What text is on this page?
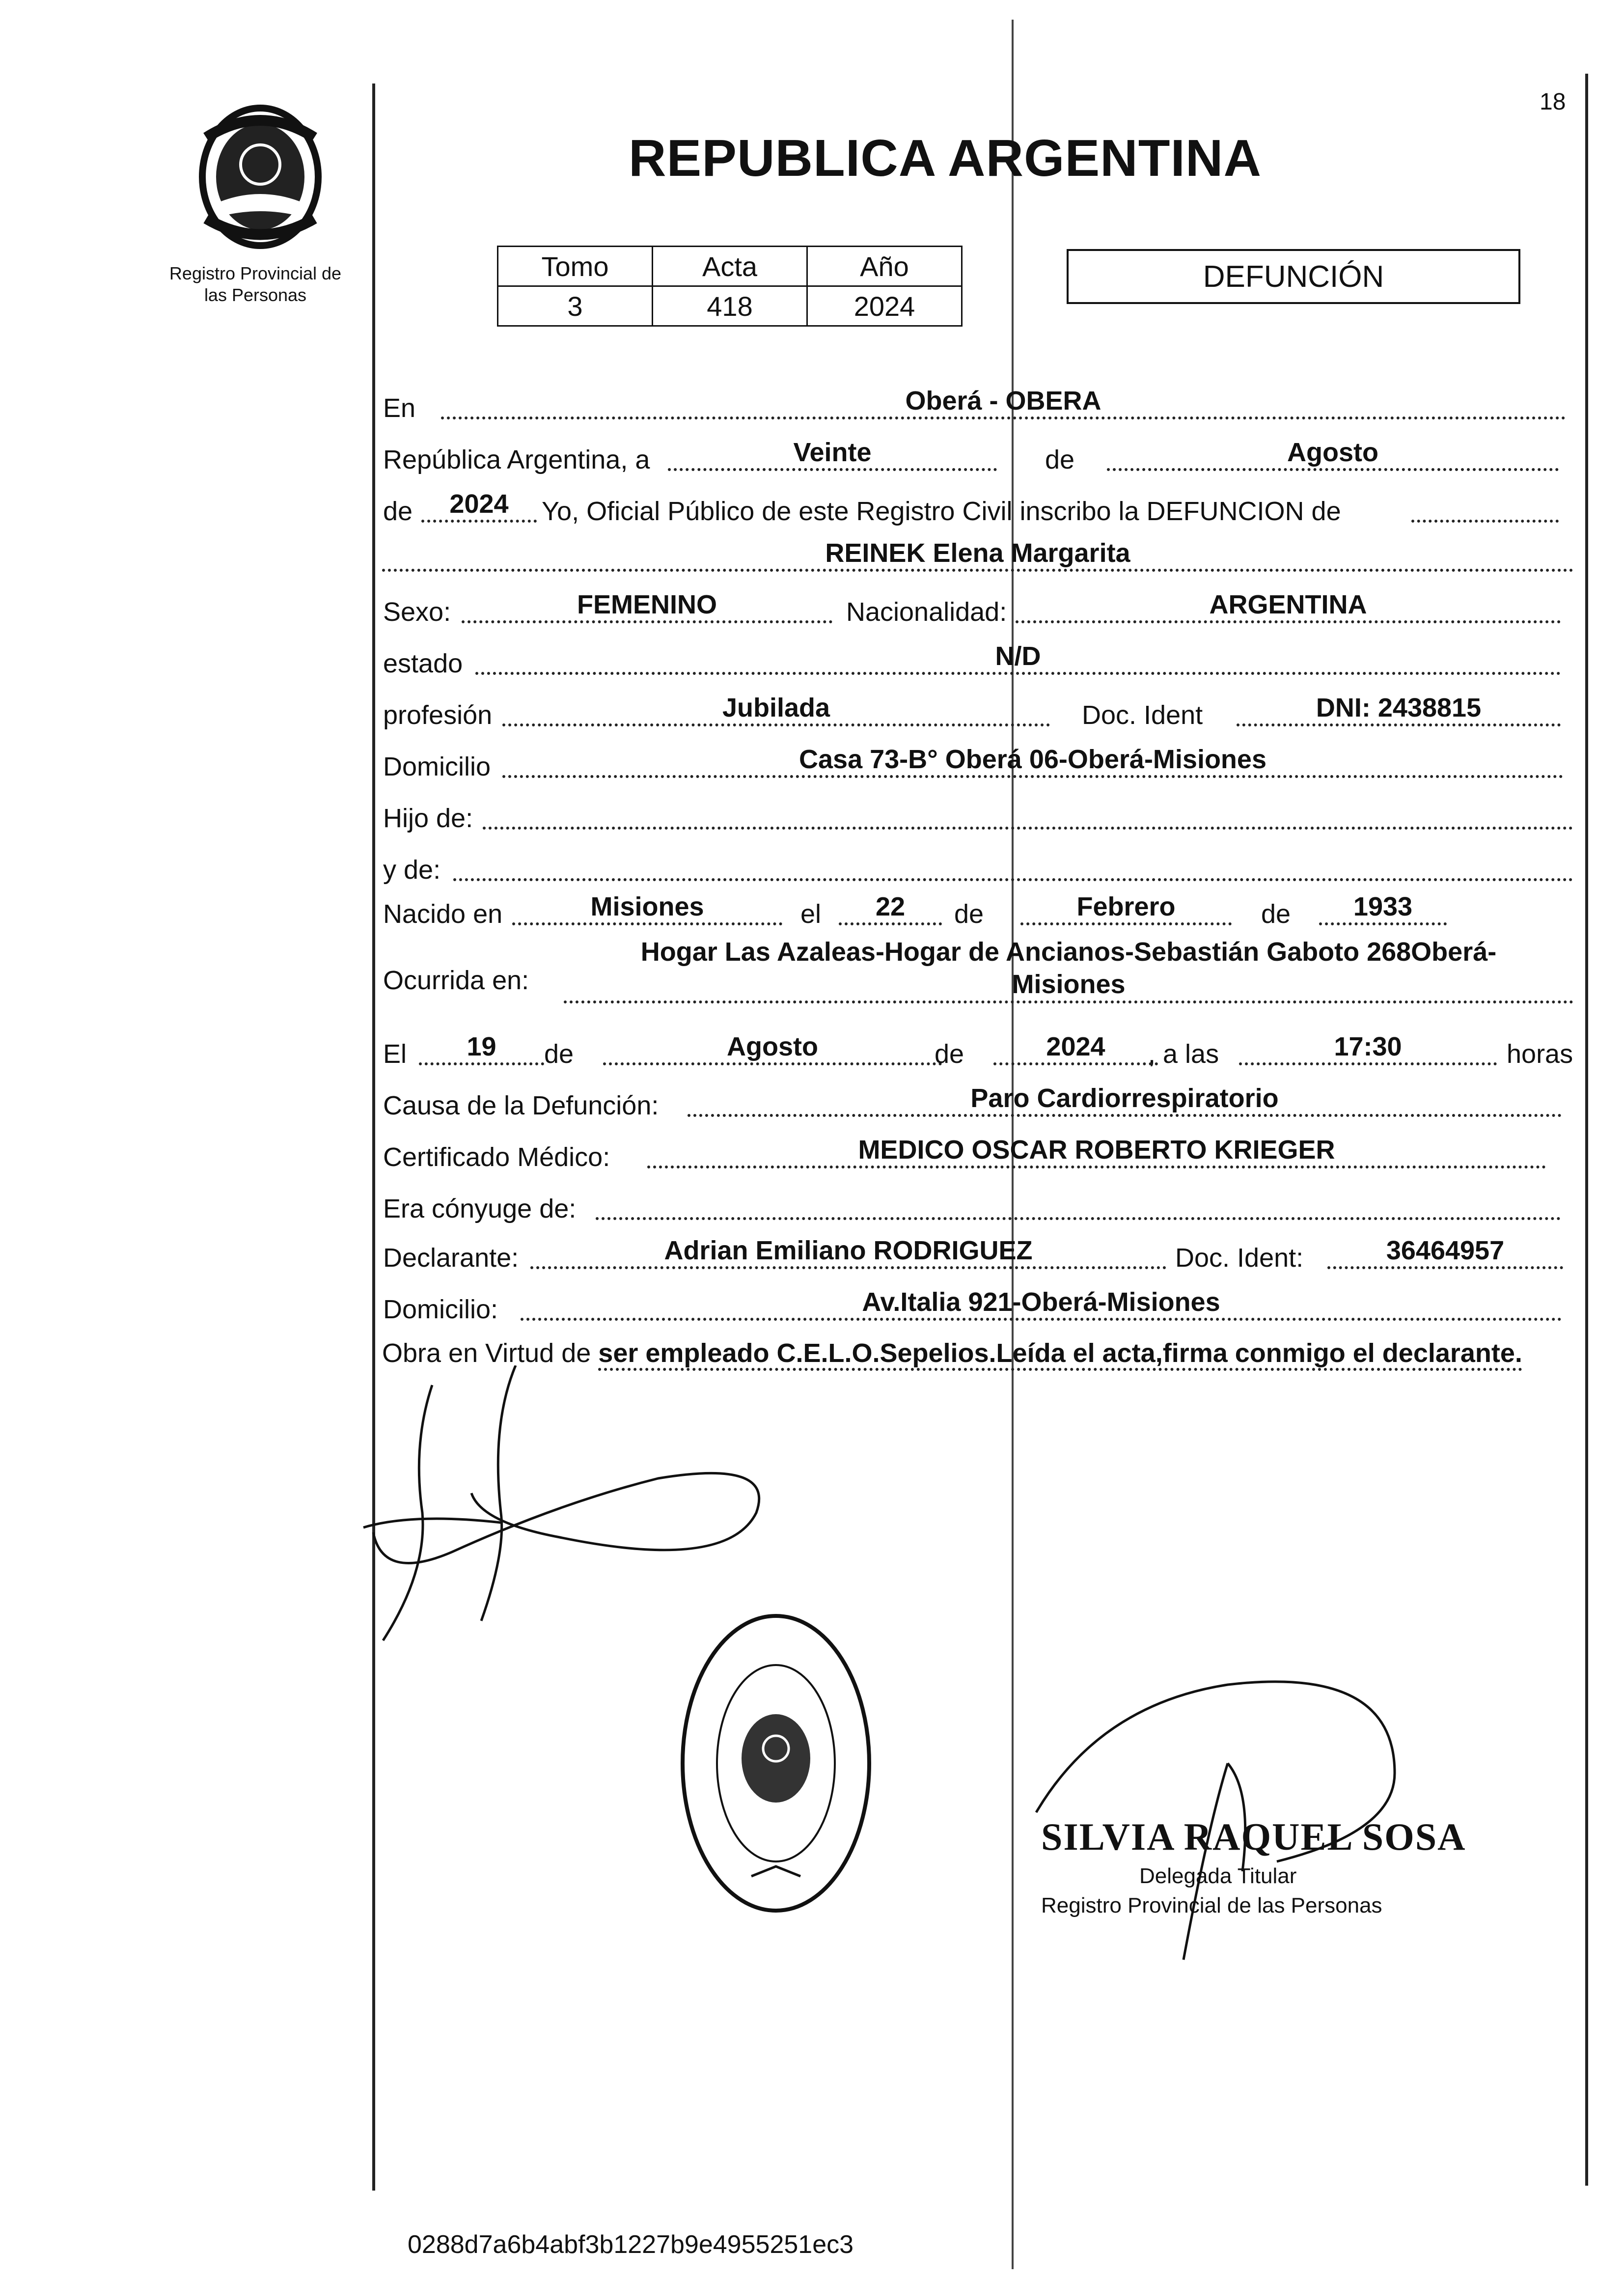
18
Registro Provincial de
las Personas
REPUBLICA ARGENTINA
Tomo	Acta	Año
3	418	2024
DEFUNCIÓN
En	Oberá - OBERA
República Argentina, a	Veinte	de	Agosto
de	2024	Yo, Oficial Público de este Registro Civil inscribo la DEFUNCION de
REINEK Elena Margarita
Sexo:	FEMENINO	Nacionalidad:	ARGENTINA
estado	N/D
profesión	Jubilada	Doc. Ident	DNI: 2438815
Domicilio	Casa 73-B° Oberá 06-Oberá-Misiones
Hijo de:
y de:
Nacido en	Misiones	el	22	de	Febrero	de	1933
Ocurrida en:
Hogar Las Azaleas-Hogar de Ancianos-Sebastián Gaboto 268Oberá-
Misiones
El	19	de	Agosto	de	2024	, a las	17:30	horas
Causa de la Defunción:	Paro Cardiorrespiratorio
Certificado Médico:	MEDICO OSCAR ROBERTO KRIEGER
Era cónyuge de:
Declarante:	Adrian Emiliano RODRIGUEZ	Doc. Ident:	36464957
Domicilio:	Av.Italia 921-Oberá-Misiones
Obra en Virtud de ser empleado C.E.L.O.Sepelios.Leída el acta,firma conmigo el declarante.
SILVIA RAQUEL SOSA
Delegada Titular
Registro Provincial de las Personas
0288d7a6b4abf3b1227b9e4955251ec3
